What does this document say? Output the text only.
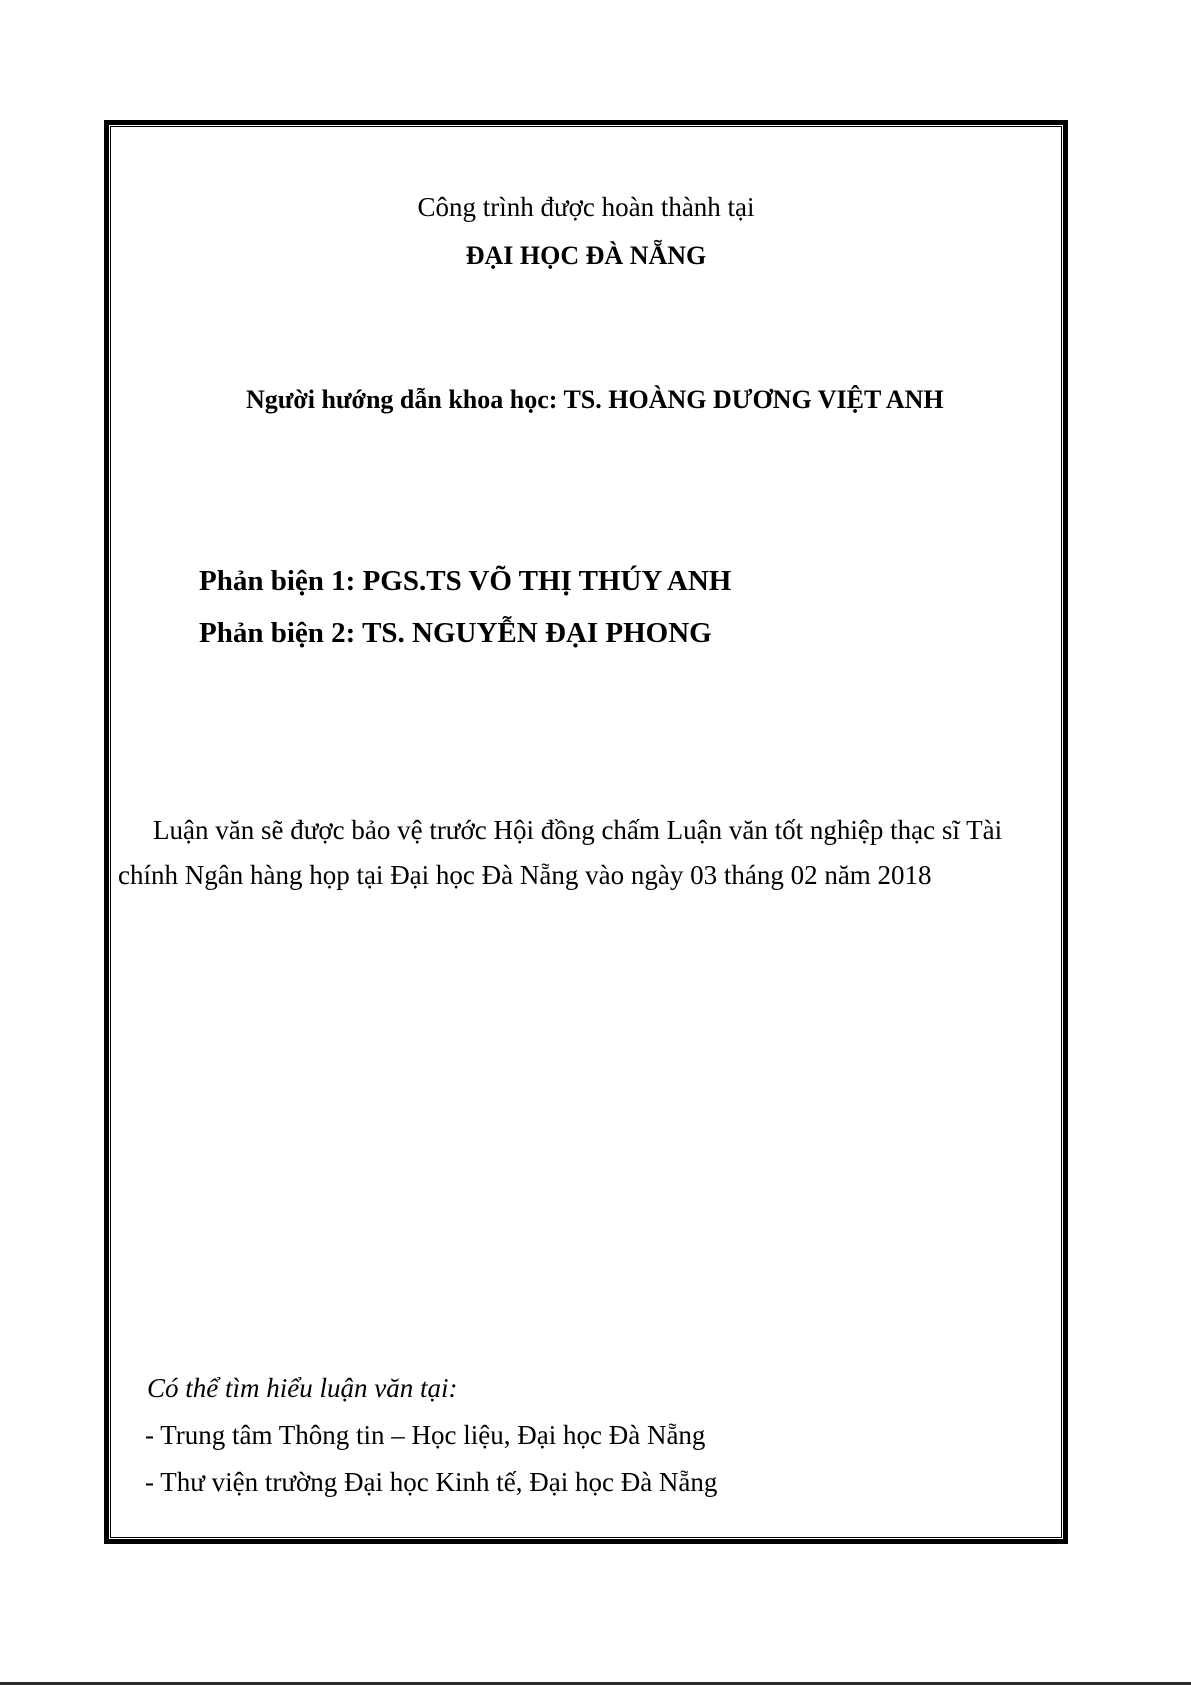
Công trình được hoàn thành tại
ĐẠI HỌC ĐÀ NẴNG
Người hướng dẫn khoa học: TS. HOÀNG DƯƠNG VIỆT ANH
Phản biện 1: PGS.TS VÕ THỊ THÚY ANH
Phản biện 2: TS. NGUYỄN ĐẠI PHONG
Luận văn sẽ được bảo vệ trước Hội đồng chấm Luận văn tốt nghiệp thạc sĩ Tài
chính Ngân hàng họp tại Đại học Đà Nẵng vào ngày 03 tháng 02 năm 2018
Có thể tìm hiểu luận văn tại:
- Trung tâm Thông tin – Học liệu, Đại học Đà Nẵng
- Thư viện trường Đại học Kinh tế, Đại học Đà Nẵng
